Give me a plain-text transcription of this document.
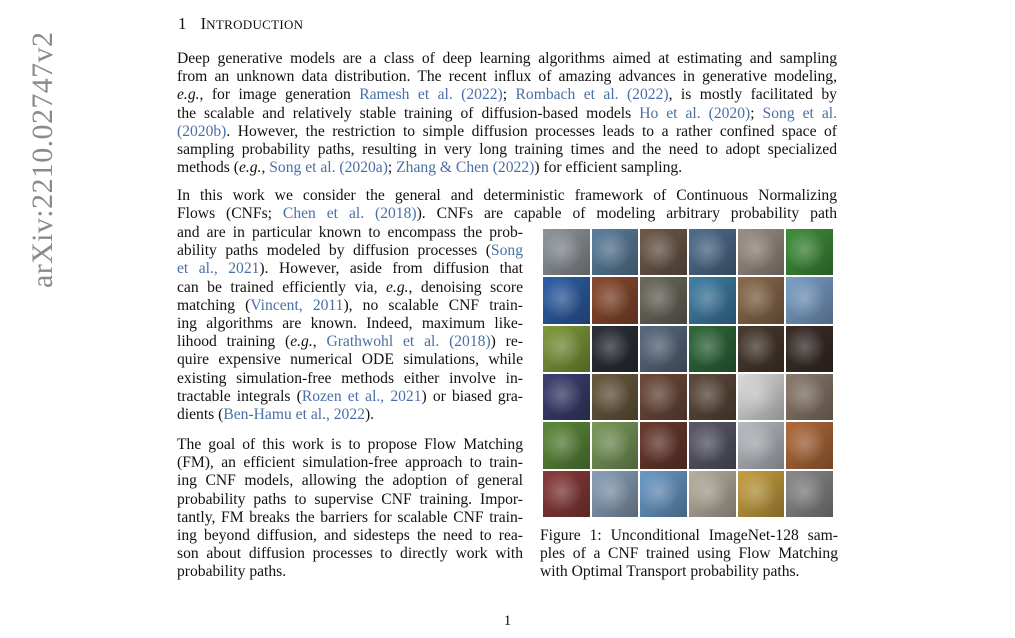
arXiv:2210.02747v2
1 INTRODUCTION
Deep generative models are a class of deep learning algorithms aimed at estimating and sampling
from an unknown data distribution. The recent influx of amazing advances in generative modeling,
e.g., for image generation Ramesh et al. (2022); Rombach et al. (2022), is mostly facilitated by
the scalable and relatively stable training of diffusion-based models Ho et al. (2020); Song et al.
(2020b). However, the restriction to simple diffusion processes leads to a rather confined space of
sampling probability paths, resulting in very long training times and the need to adopt specialized
methods (e.g., Song et al. (2020a); Zhang & Chen (2022)) for efficient sampling.
In this work we consider the general and deterministic framework of Continuous Normalizing
Flows (CNFs; Chen et al. (2018)). CNFs are capable of modeling arbitrary probability path
and are in particular known to encompass the prob-
ability paths modeled by diffusion processes (Song
et al., 2021). However, aside from diffusion that
can be trained efficiently via, e.g., denoising score
matching (Vincent, 2011), no scalable CNF train-
ing algorithms are known. Indeed, maximum like-
lihood training (e.g., Grathwohl et al. (2018)) re-
quire expensive numerical ODE simulations, while
existing simulation-free methods either involve in-
tractable integrals (Rozen et al., 2021) or biased gra-
dients (Ben-Hamu et al., 2022).
The goal of this work is to propose Flow Matching
(FM), an efficient simulation-free approach to train-
ing CNF models, allowing the adoption of general
probability paths to supervise CNF training. Impor-
tantly, FM breaks the barriers for scalable CNF train-
ing beyond diffusion, and sidesteps the need to rea-
son about diffusion processes to directly work with
probability paths.
Figure 1: Unconditional ImageNet-128 sam-
ples of a CNF trained using Flow Matching
with Optimal Transport probability paths.
1
